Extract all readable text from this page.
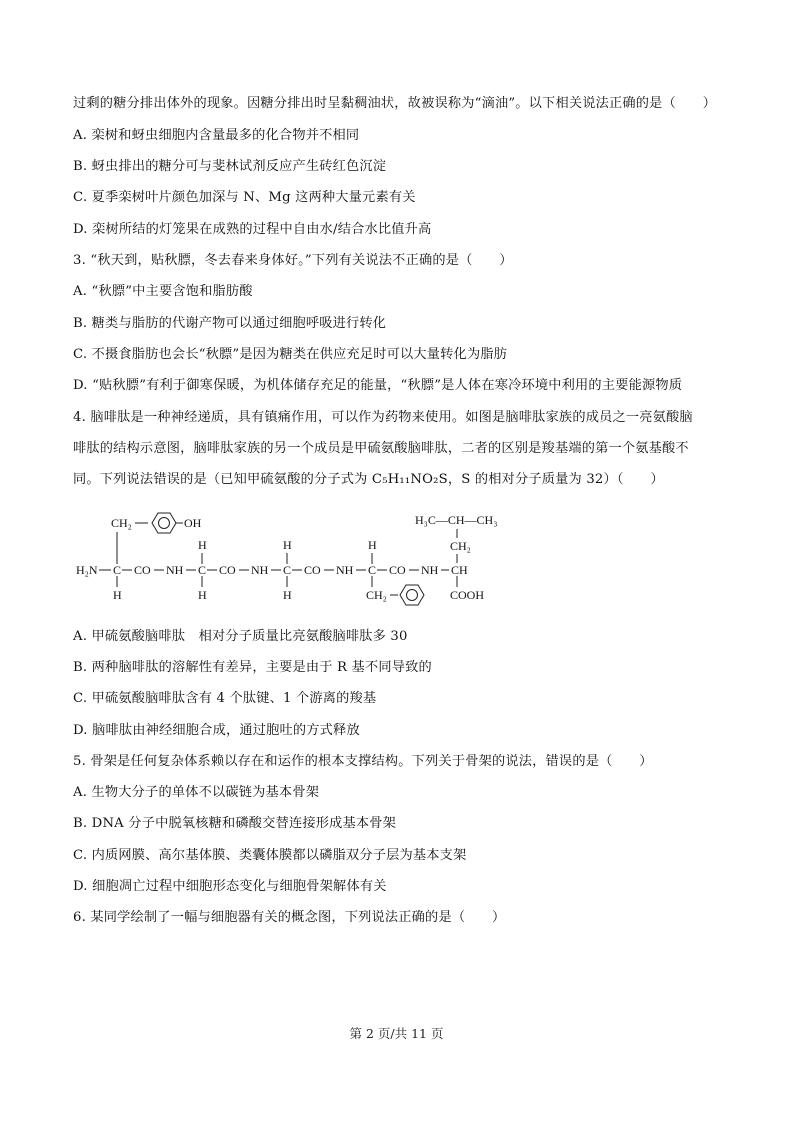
过剩的糖分排出体外的现象。因糖分排出时呈黏稠油状，故被误称为“滴油”。以下相关说法正确的是（　　）
A. 栾树和蚜虫细胞内含量最多的化合物并不相同
B. 蚜虫排出的糖分可与斐林试剂反应产生砖红色沉淀
C. 夏季栾树叶片颜色加深与 N、Mg 这两种大量元素有关
D. 栾树所结的灯笼果在成熟的过程中自由水/结合水比值升高
3. “秋天到，贴秋膘，冬去春来身体好。”下列有关说法不正确的是（　　）
A. “秋膘”中主要含饱和脂肪酸
B. 糖类与脂肪的代谢产物可以通过细胞呼吸进行转化
C. 不摄食脂肪也会长“秋膘”是因为糖类在供应充足时可以大量转化为脂肪
D. “贴秋膘”有利于御寒保暖，为机体储存充足的能量，“秋膘”是人体在寒冷环境中利用的主要能源物质
4. 脑啡肽是一种神经递质，具有镇痛作用，可以作为药物来使用。如图是脑啡肽家族的成员之一亮氨酸脑
啡肽的结构示意图，脑啡肽家族的另一个成员是甲硫氨酸脑啡肽，二者的区别是羧基端的第一个氨基酸不
同。下列说法错误的是（已知甲硫氨酸的分子式为 C₅H₁₁NO₂S，S 的相对分子质量为 32）（　　）
CH₂	OH	H₃C—CH—CH₃
CH₂
H	H	H
H₂N C CO NH C CO NH C CO NH C CO NH CH
H	H	H	CH₂	COOH
A. 甲硫氨酸脑啡肽　相对分子质量比亮氨酸脑啡肽多 30
B. 两种脑啡肽的溶解性有差异，主要是由于 R 基不同导致的
C. 甲硫氨酸脑啡肽含有 4 个肽键、1 个游离的羧基
D. 脑啡肽由神经细胞合成，通过胞吐的方式释放
5. 骨架是任何复杂体系赖以存在和运作的根本支撑结构。下列关于骨架的说法，错误的是（　　）
A. 生物大分子的单体不以碳链为基本骨架
B. DNA 分子中脱氧核糖和磷酸交替连接形成基本骨架
C. 内质网膜、高尔基体膜、类囊体膜都以磷脂双分子层为基本支架
D. 细胞凋亡过程中细胞形态变化与细胞骨架解体有关
6. 某同学绘制了一幅与细胞器有关的概念图，下列说法正确的是（　　）
第 2 页/共 11 页
